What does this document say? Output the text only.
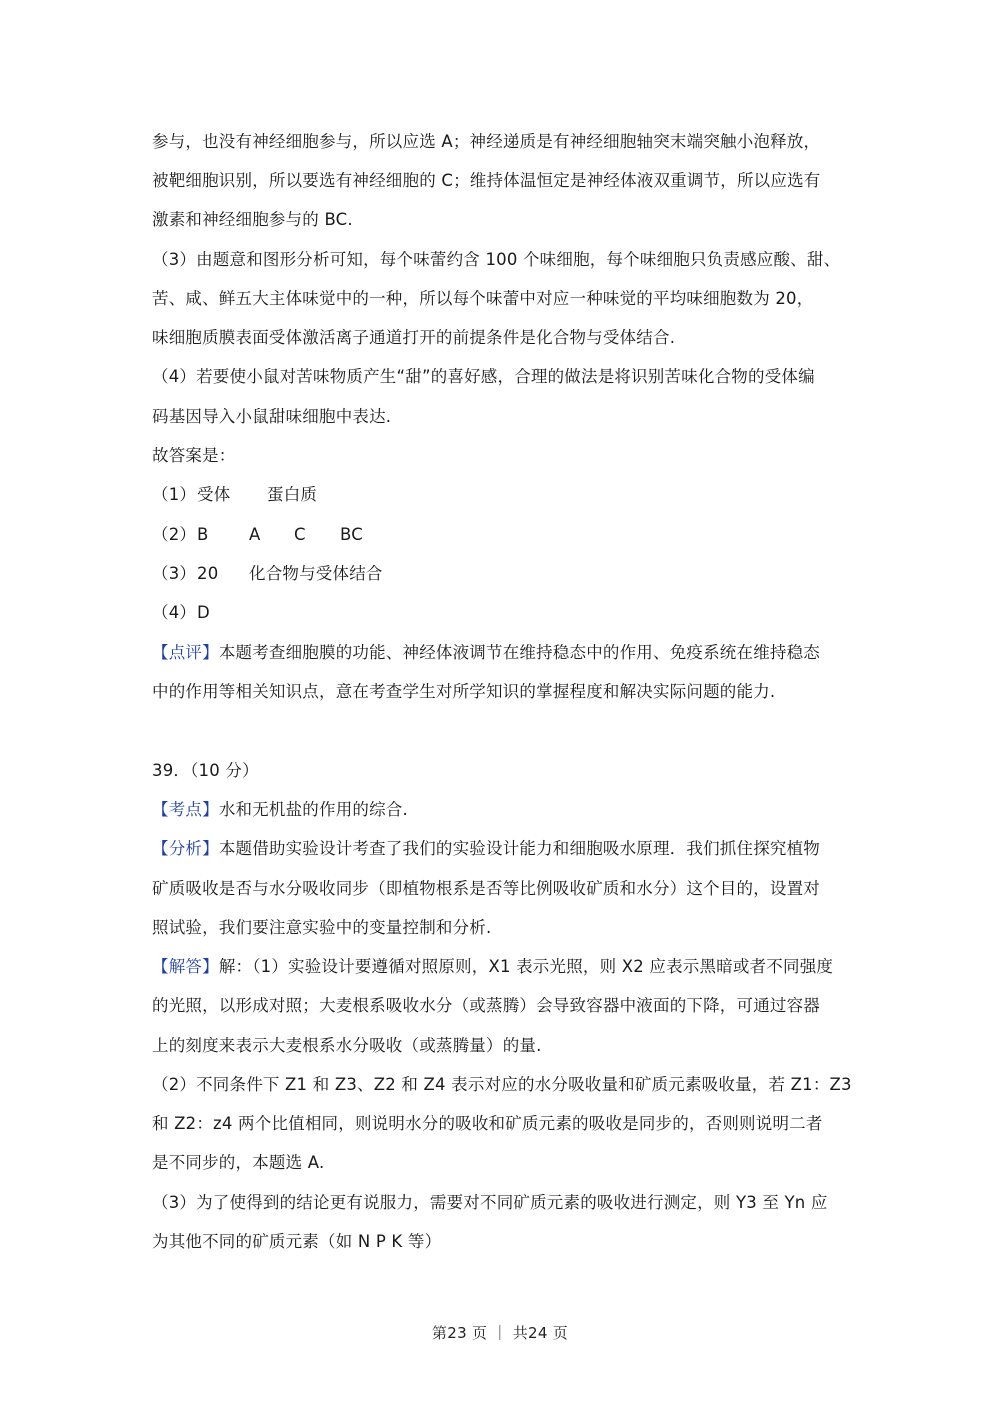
参与，也没有神经细胞参与，所以应选 A；神经递质是有神经细胞轴突末端突触小泡释放，
被靶细胞识别，所以要选有神经细胞的 C；维持体温恒定是神经体液双重调节，所以应选有
激素和神经细胞参与的 BC.
（3）由题意和图形分析可知，每个味蕾约含 100 个味细胞，每个味细胞只负责感应酸、甜、
苦、咸、鲜五大主体味觉中的一种，所以每个味蕾中对应一种味觉的平均味细胞数为 20，
味细胞质膜表面受体激活离子通道打开的前提条件是化合物与受体结合.
（4）若要使小鼠对苦味物质产生“甜”的喜好感，合理的做法是将识别苦味化合物的受体编
码基因导入小鼠甜味细胞中表达.
故答案是：
（1）受体 蛋白质
（2）B A C BC
（3）20 化合物与受体结合
（4）D
【点评】本题考查细胞膜的功能、神经体液调节在维持稳态中的作用、免疫系统在维持稳态
中的作用等相关知识点，意在考查学生对所学知识的掌握程度和解决实际问题的能力.
39．（10 分）
【考点】水和无机盐的作用的综合.
【分析】本题借助实验设计考查了我们的实验设计能力和细胞吸水原理．我们抓住探究植物
矿质吸收是否与水分吸收同步（即植物根系是否等比例吸收矿质和水分）这个目的，设置对
照试验，我们要注意实验中的变量控制和分析.
【解答】解：（1）实验设计要遵循对照原则，X1 表示光照，则 X2 应表示黑暗或者不同强度
的光照，以形成对照；大麦根系吸收水分（或蒸腾）会导致容器中液面的下降，可通过容器
上的刻度来表示大麦根系水分吸收（或蒸腾量）的量.
（2）不同条件下 Z1 和 Z3、Z2 和 Z4 表示对应的水分吸收量和矿质元素吸收量，若 Z1：Z3
和 Z2：z4 两个比值相同，则说明水分的吸收和矿质元素的吸收是同步的，否则则说明二者
是不同步的，本题选 A.
（3）为了使得到的结论更有说服力，需要对不同矿质元素的吸收进行测定，则 Y3 至 Yn 应
为其他不同的矿质元素（如 N P K 等）
第23 页 ｜ 共24 页
